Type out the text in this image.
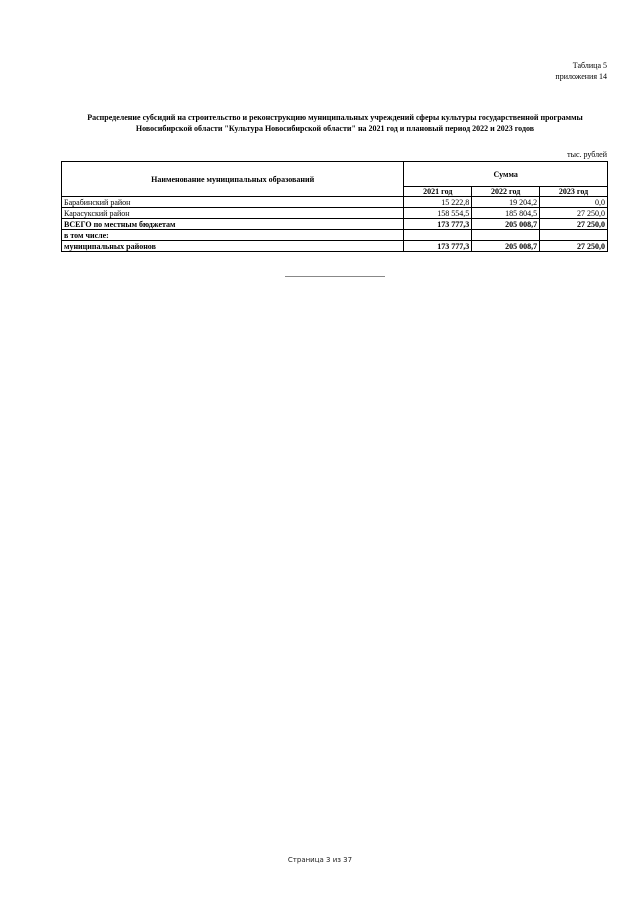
Таблица 5
приложения 14
Распределение субсидий на строительство и реконструкцию муниципальных учреждений сферы культуры государственной программы
Новосибирской области "Культура Новосибирской области" на 2021 год и плановый период 2022 и 2023 годов
тыс. рублей
Наименование муниципальных образований	Сумма		
	2021 год	2022 год	2023 год
Барабинский район	15 222,8	19 204,2	0,0
Карасукский район	158 554,5	185 804,5	27 250,0
ВСЕГО по местным бюджетам	173 777,3	205 008,7	27 250,0
в том числе:			
муниципальных районов	173 777,3	205 008,7	27 250,0
Страница 3 из 37
